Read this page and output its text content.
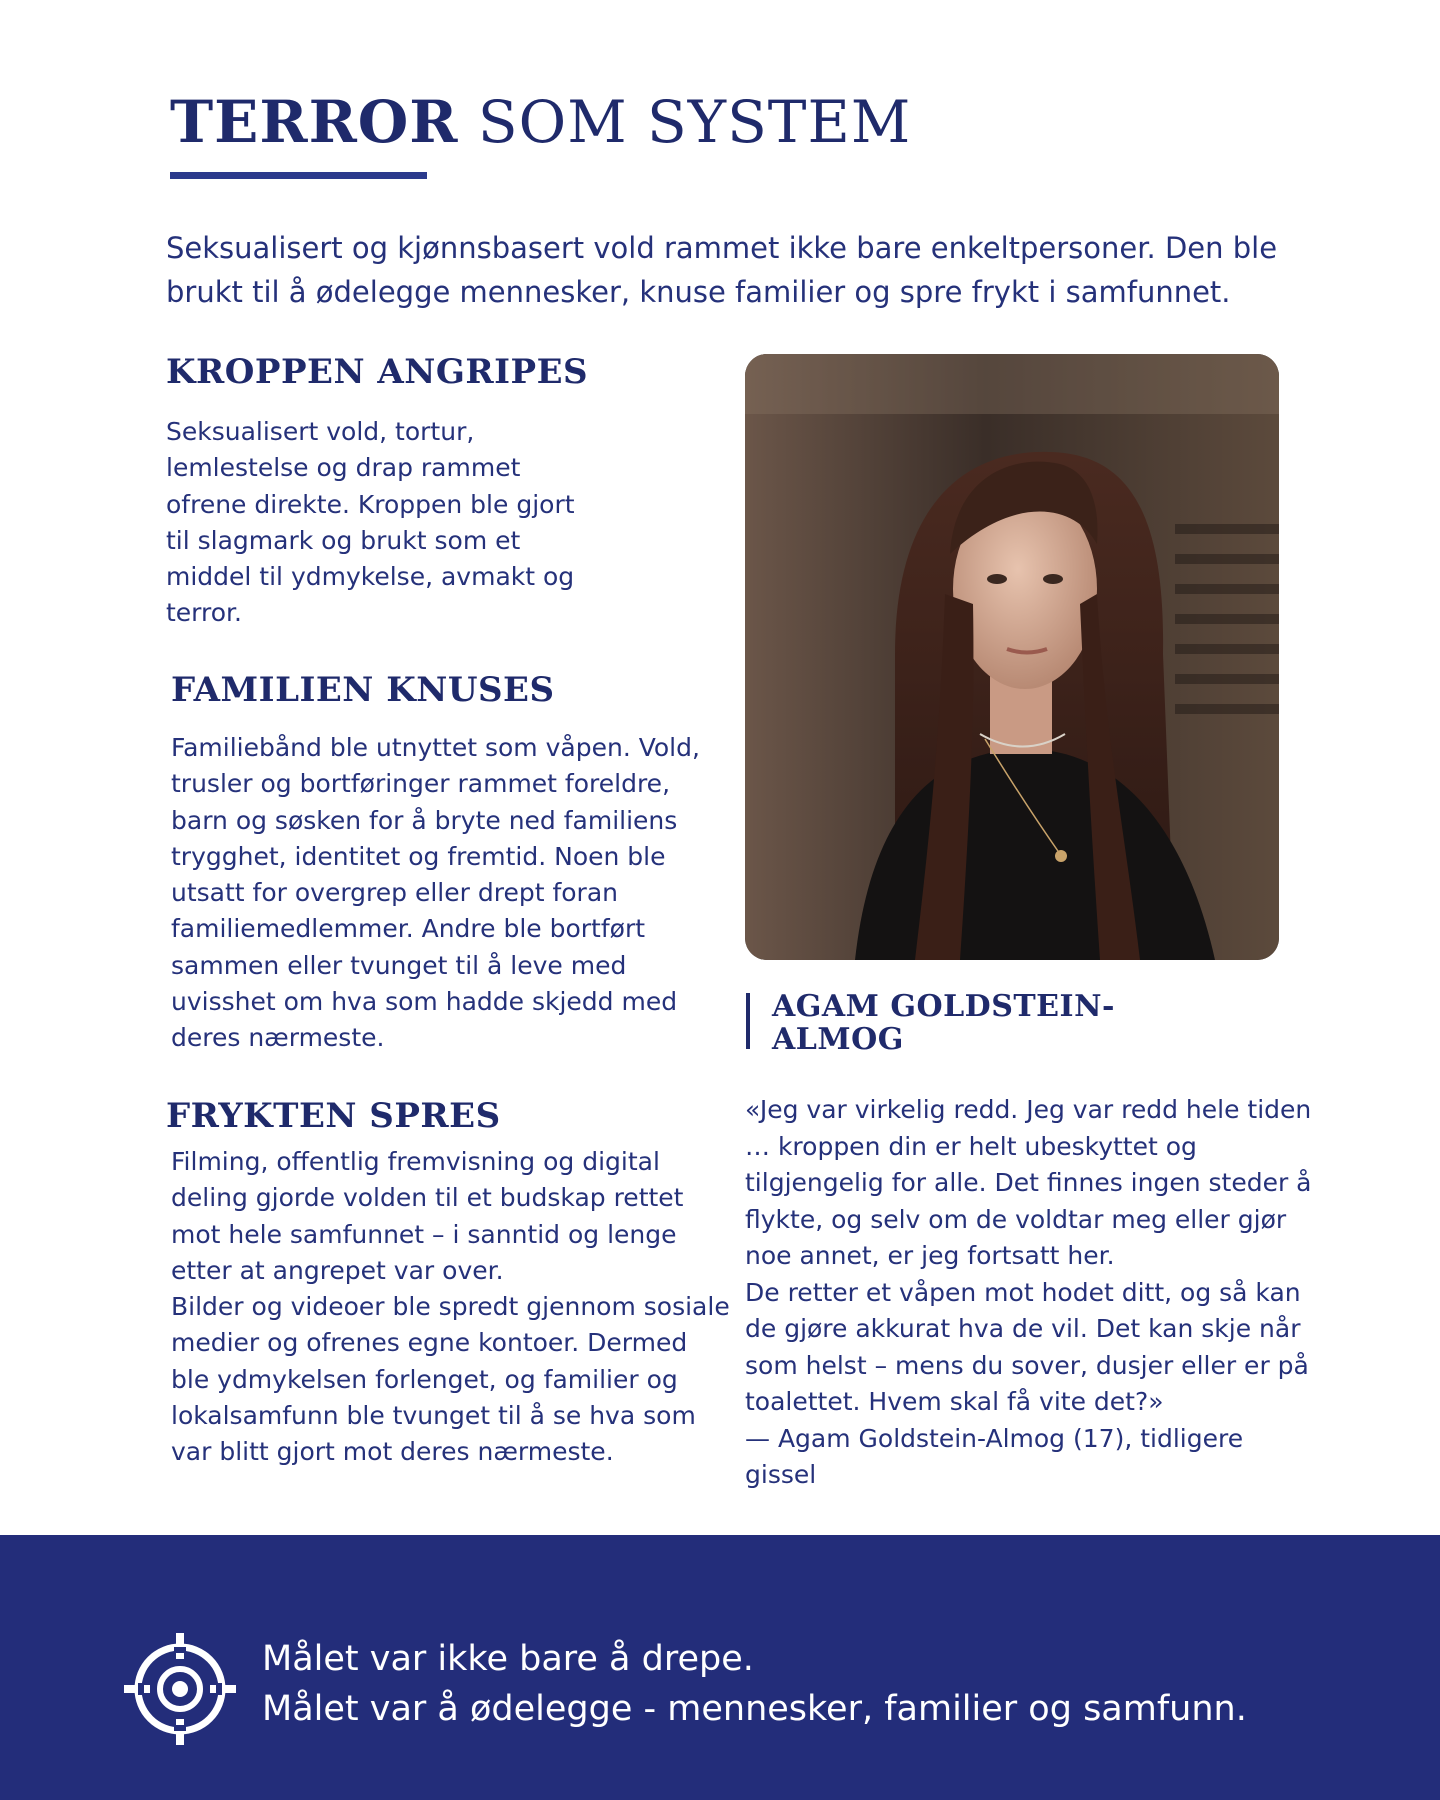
TERROR SOM SYSTEM

Seksualisert og kjønnsbasert vold rammet ikke bare enkeltpersoner. Den ble brukt til å ødelegge mennesker, knuse familier og spre frykt i samfunnet.

KROPPEN ANGRIPES

Seksualisert vold, tortur, lemlestelse og drap rammet ofrene direkte. Kroppen ble gjort til slagmark og brukt som et middel til ydmykelse, avmakt og terror.

FAMILIEN KNUSES

Familiebånd ble utnyttet som våpen. Vold, trusler og bortføringer rammet foreldre, barn og søsken for å bryte ned familiens trygghet, identitet og fremtid. Noen ble utsatt for overgrep eller drept foran familiemedlemmer. Andre ble bortført sammen eller tvunget til å leve med uvisshet om hva som hadde skjedd med deres nærmeste.

FRYKTEN SPRES
Filming, offentlig fremvisning og digital deling gjorde volden til et budskap rettet mot hele samfunnet – i sanntid og lenge etter at angrepet var over.
Bilder og videoer ble spredt gjennom sosiale medier og ofrenes egne kontoer. Dermed ble ydmykelsen forlenget, og familier og lokalsamfunn ble tvunget til å se hva som var blitt gjort mot deres nærmeste.
AGAM GOLDSTEIN-ALMOG

«Jeg var virkelig redd. Jeg var redd hele tiden … kroppen din er helt ubeskyttet og tilgjengelig for alle. Det finnes ingen steder å flykte, og selv om de voldtar meg eller gjør noe annet, er jeg fortsatt her.

De retter et våpen mot hodet ditt, og så kan de gjøre akkurat hva de vil. Det kan skje når som helst – mens du sover, dusjer eller er på toalettet. Hvem skal få vite det?»

— Agam Goldstein-Almog (17), tidligere gissel

Målet var ikke bare å drepe.
Målet var å ødelegge - mennesker, familier og samfunn.
